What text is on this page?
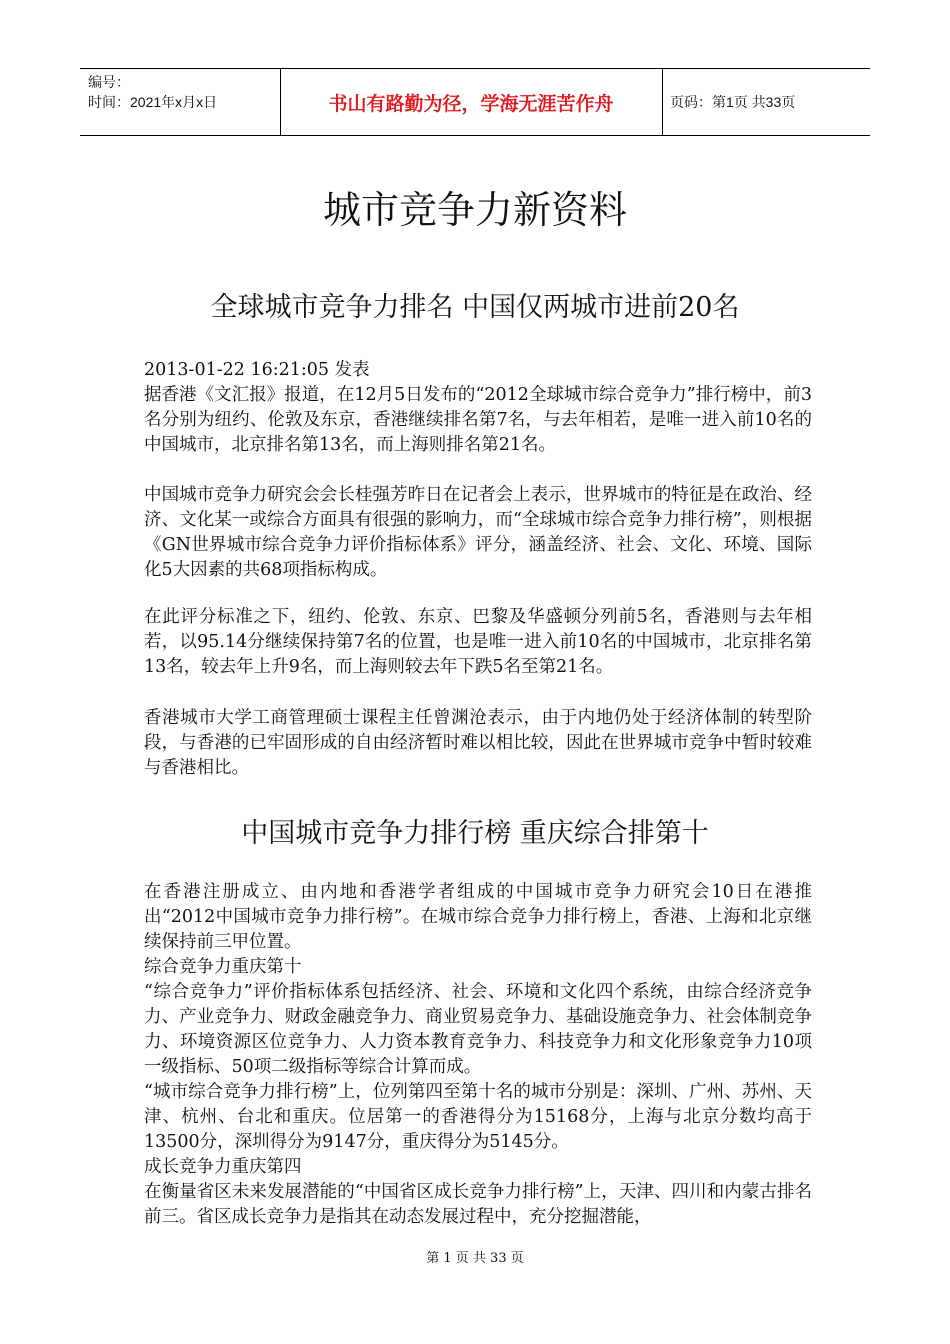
编号：
时间：2021年x月x日	书山有路勤为径，学海无涯苦作舟	页码：第1页 共33页
城市竞争力新资料
全球城市竞争力排名 中国仅两城市进前20名

2013-01-22 16:21:05 发表

据香港《文汇报》报道，在12月5日发布的“2012全球城市综合竞争力”排行榜中，前3名分别为纽约、伦敦及东京，香港继续排名第7名，与去年相若，是唯一进入前10名的中国城市，北京排名第13名，而上海则排名第21名。

中国城市竞争力研究会会长桂强芳昨日在记者会上表示，世界城市的特征是在政治、经济、文化某一或综合方面具有很强的影响力，而“全球城市综合竞争力排行榜”，则根据《GN世界城市综合竞争力评价指标体系》评分，涵盖经济、社会、文化、环境、国际化5大因素的共68项指标构成。

在此评分标准之下，纽约、伦敦、东京、巴黎及华盛顿分列前5名，香港则与去年相若，以95.14分继续保持第7名的位置，也是唯一进入前10名的中国城市，北京排名第13名，较去年上升9名，而上海则较去年下跌5名至第21名。

香港城市大学工商管理硕士课程主任曾渊沧表示，由于内地仍处于经济体制的转型阶段，与香港的已牢固形成的自由经济暂时难以相比较，因此在世界城市竞争中暂时较难与香港相比。

中国城市竞争力排行榜 重庆综合排第十

在香港注册成立、由内地和香港学者组成的中国城市竞争力研究会10日在港推出“2012中国城市竞争力排行榜”。在城市综合竞争力排行榜上，香港、上海和北京继续保持前三甲位置。

综合竞争力重庆第十

“综合竞争力”评价指标体系包括经济、社会、环境和文化四个系统，由综合经济竞争力、产业竞争力、财政金融竞争力、商业贸易竞争力、基础设施竞争力、社会体制竞争力、环境资源区位竞争力、人力资本教育竞争力、科技竞争力和文化形象竞争力10项一级指标、50项二级指标等综合计算而成。

“城市综合竞争力排行榜”上，位列第四至第十名的城市分别是：深圳、广州、苏州、天津、杭州、台北和重庆。位居第一的香港得分为15168分，上海与北京分数均高于13500分，深圳得分为9147分，重庆得分为5145分。

成长竞争力重庆第四

在衡量省区未来发展潜能的“中国省区成长竞争力排行榜”上，天津、四川和内蒙古排名前三。省区成长竞争力是指其在动态发展过程中，充分挖掘潜能，

第 1 页 共 33 页
